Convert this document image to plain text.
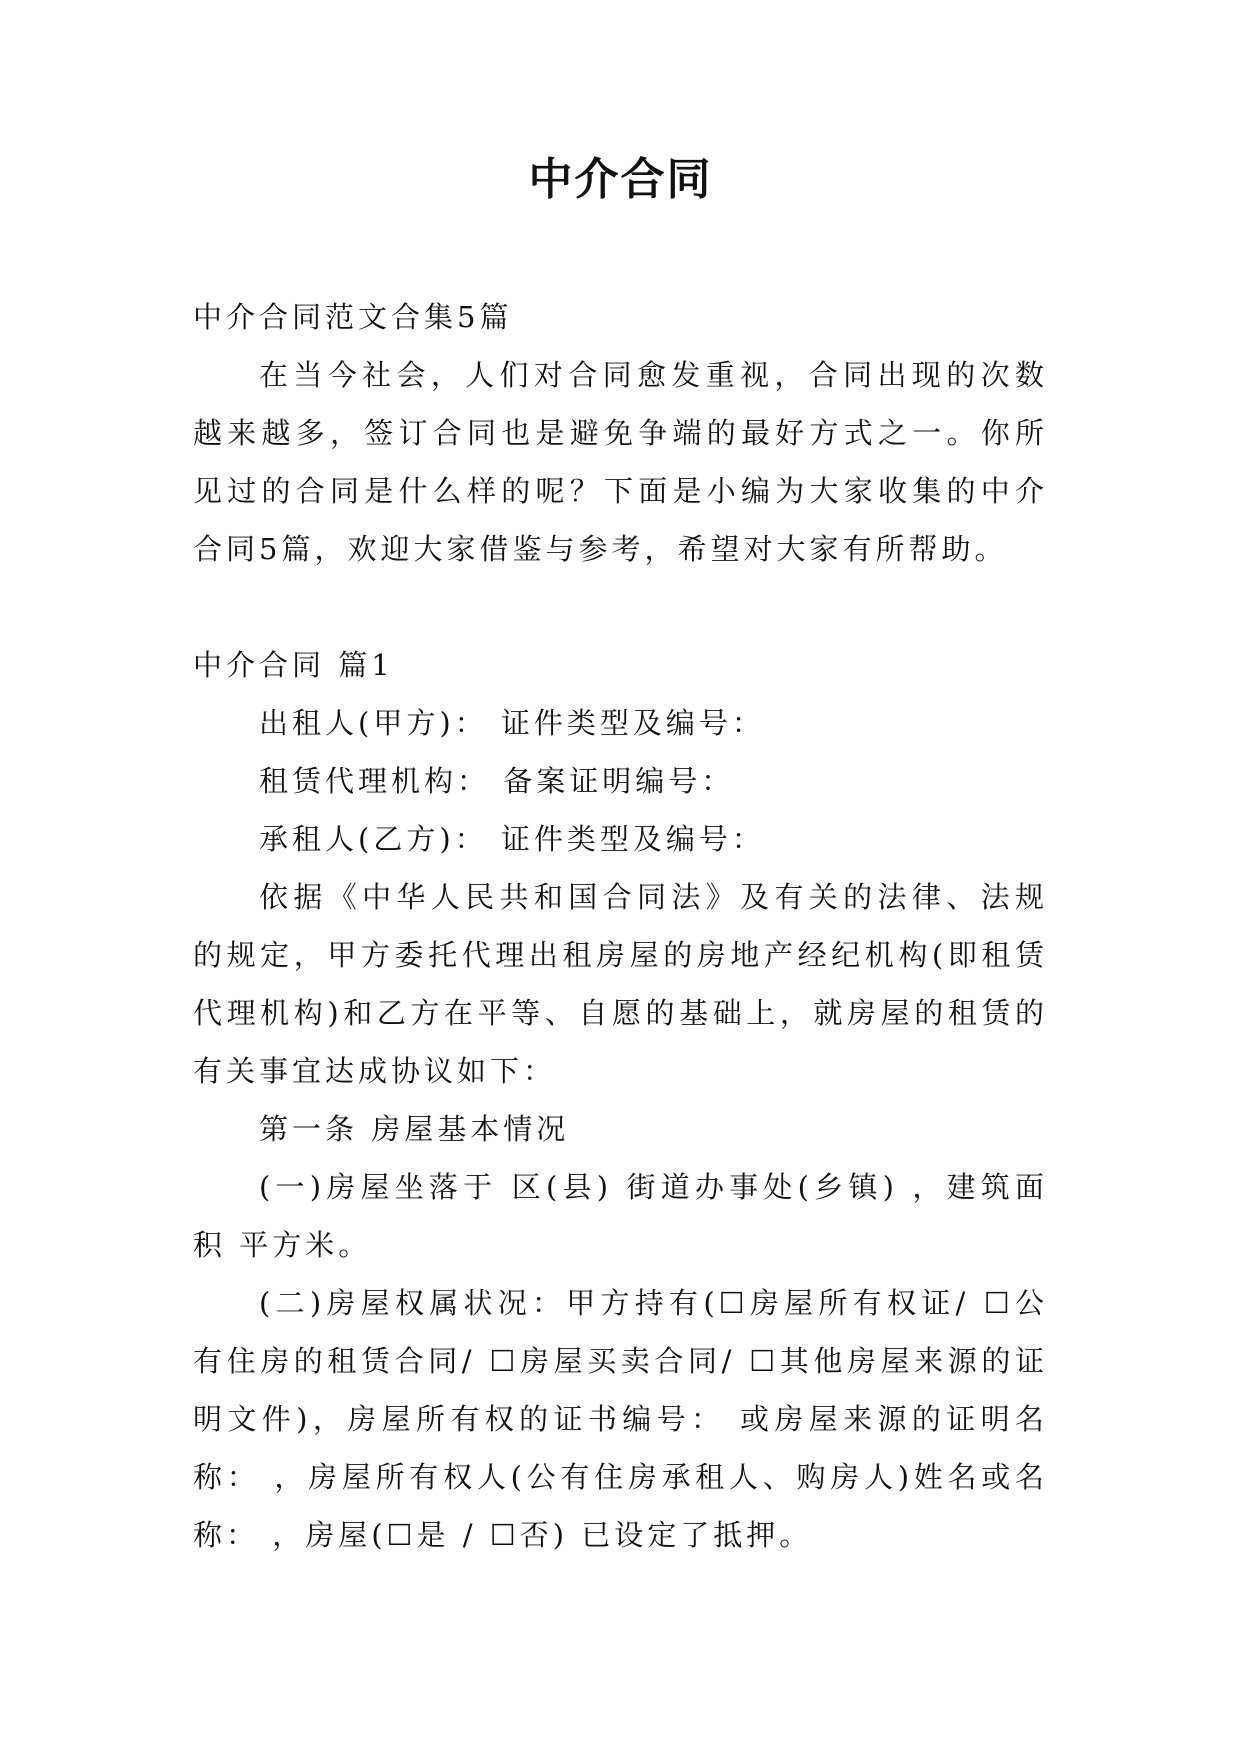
中介合同

中介合同范文合集5篇

在当今社会，人们对合同愈发重视，合同出现的次数越来越多，签订合同也是避免争端的最好方式之一。你所见过的合同是什么样的呢？下面是小编为大家收集的中介合同5篇，欢迎大家借鉴与参考，希望对大家有所帮助。

中介合同 篇1

出租人(甲方)： 证件类型及编号：

租赁代理机构： 备案证明编号：

承租人(乙方)： 证件类型及编号：

依据《中华人民共和国合同法》及有关的法律、法规的规定，甲方委托代理出租房屋的房地产经纪机构(即租赁代理机构)和乙方在平等、自愿的基础上，就房屋的租赁的有关事宜达成协议如下：

第一条 房屋基本情况

(一)房屋坐落于 区(县) 街道办事处(乡镇) ，建筑面积 平方米。

(二)房屋权属状况：甲方持有(☐房屋所有权证/ ☐公有住房的租赁合同/ ☐房屋买卖合同/ ☐其他房屋来源的证明文件)，房屋所有权的证书编号： 或房屋来源的证明名称： ，房屋所有权人(公有住房承租人、购房人)姓名或名称： ，房屋(☐是 / ☐否) 已设定了抵押。
